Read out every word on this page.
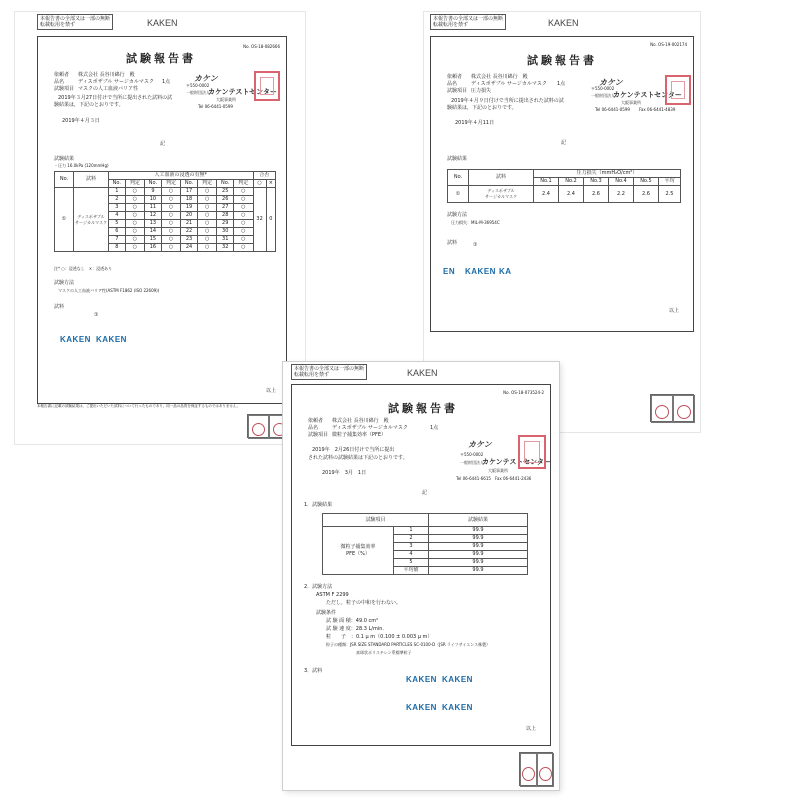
本報告書の全部又は一部の無断
転載転用を禁ず	KAKEN
No. OS-18-082666
試験報告書
依頼者 株式会社 長谷川綿行　殿
品名	ディスポザブル サージカルマスク 1点
試験項目 マスクの人工血液バリア性
2019年３月27日付けで当所に提出された試料の試
験結果は，下記のとおりです。
2019年４月３日
カケン
〒550-0002
一般財団法人
カケンテストセンター
大阪事業所
Tel 06-6441-0599
記
試験結果
・圧力 16.0kPa (120mmHg)
No.	試料	人工血液の浸透の有無*								合否	
		No.	判定	No.	判定	No.	判定	No.	判定	○	×
①	ディスポザブル
サージカルマスク	1	○	9	○	17	○	25	○	32	0
		2	○	10	○	18	○	26	○		
		3	○	11	○	19	○	27	○		
		4	○	12	○	20	○	28	○		
		5	○	13	○	21	○	29	○		
		6	○	14	○	22	○	30	○		
		7	○	15	○	23	○	31	○		
		8	○	16	○	24	○	32	○		
注* ○：浸透なし　×：浸透あり
試験方法
マスクの人工血液バリア性(ASTM F1862 (ISO 22609))
試料
①
KAKEN KAKEN
以上
本報告書に記載の試験結果は，ご提出いただいた試料について行ったものであり，同一品の品質を保証するものではありません。
本報告書の全部又は一部の無断
転載転用を禁ず	KAKEN
No. OS-19-002174
試験報告書
依頼者 株式会社 長谷川綿行　殿
品名	ディスポザブル サージカルマスク 1点
試験項目 圧力損失
2019年４月９日付けで当所に提出された試料の試
験結果は，下記のとおりです。
2019年４月11日
カケン
〒550-0002
一般財団法人
カケンテストセンター
大阪事業所
Tel 06-6441-0599 Fax 06-6441-4839
記
試験結果
No.	試料	圧力損失（mmH₂O/cm²）					
		No.1	No.2	No.3	No.4	No.5	平均
①	ディスポザブル
サージカルマスク	2.4	2.4	2.6	2.2	2.6	2.5
試験方法
圧力損失：MIL-M-36954C
試料	①
EN KAKEN KA
以上
本報告書の全部又は一部の無断
転載転用を禁ず	KAKEN
No. OS-18-073524-2
試験報告書
依頼者 株式会社 長谷川綿行　殿
品名	ディスポザブル サージカルマスク	1点
試験項目 微粒子捕集効率（PFE）
2019年　2月26日付けで当所に提出
された試料の試験結果は下記のとおりです。
2019年　3月　1日
カケン
〒550-0002
一般財団法人
カケンテストセンター
大阪事業所
Tel 06-6441-6615　Fax 06-6441-2436
記
1．試験結果
試験項目		試験結果
微粒子捕集効率
PFE（%）	1	99.9
	2	99.9
	3	99.9
	4	99.9
	5	99.9
	平均値	99.9
2．試験方法
ASTM F 2299
ただし，粒子の中和を行わない。
試験条件
試 験 面 積：49.0 cm²
試 験 速 度：28.3 L/min.
粒　　子　：0.1 μ m（0.100 ± 0.003 μ m）
粒子の種類：JSR SIZE STANDARD PARTICLES SC-0100-D（JSR ライフサイエンス株製）
真球状ポリスチレン系標準粒子
3．試料
KAKEN KAKEN
KAKEN KAKEN
以上
